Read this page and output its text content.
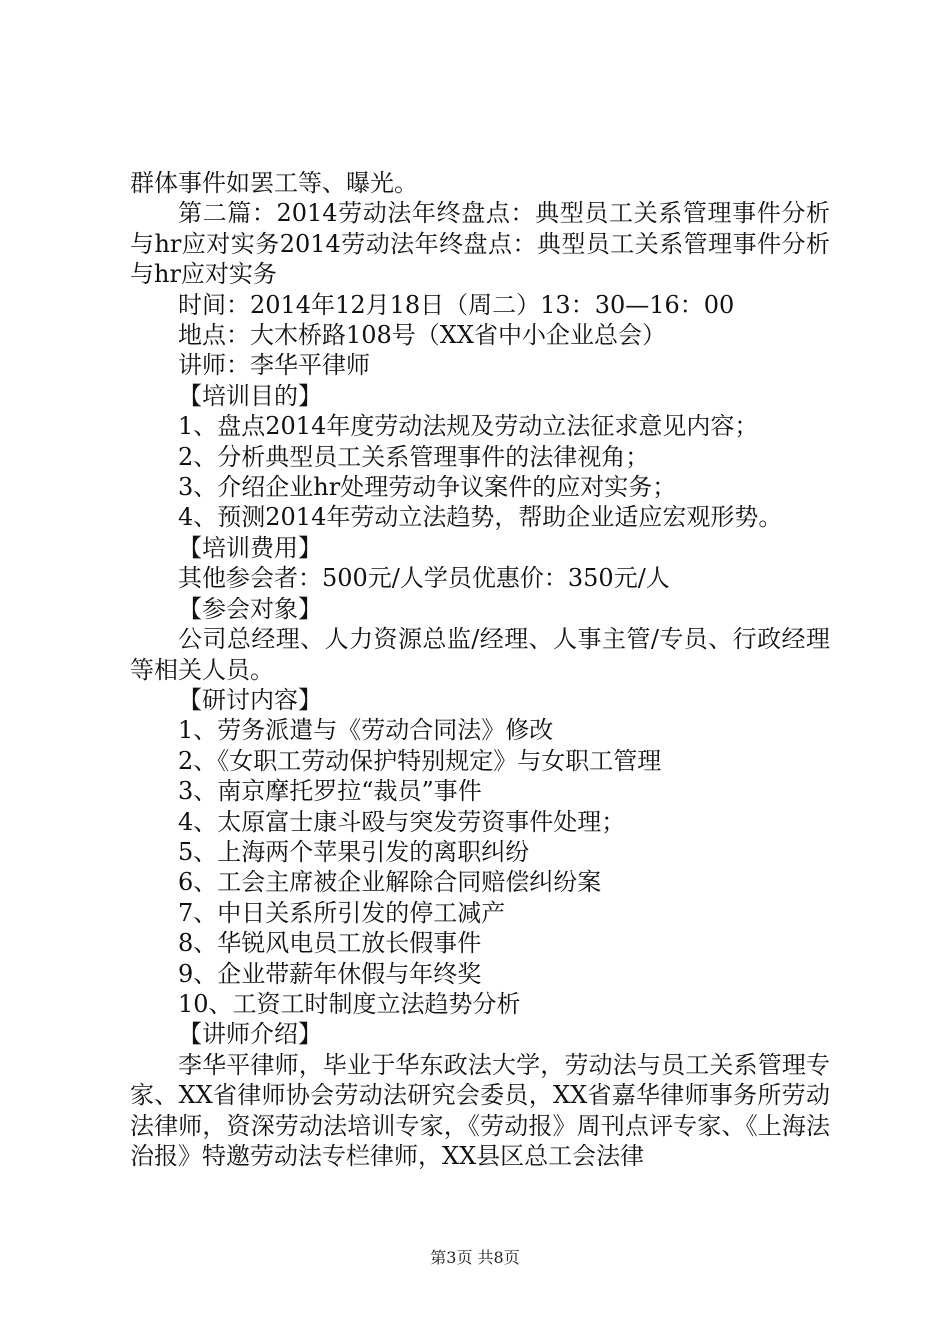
群体事件如罢工等、曝光。

第二篇：2014劳动法年终盘点：典型员工关系管理事件分析与hr应对实务2014劳动法年终盘点：典型员工关系管理事件分析与hr应对实务

时间：2014年12月18日（周二）13：30—16：00

地点：大木桥路108号（XX省中小企业总会）

讲师：李华平律师

【培训目的】

1、盘点2014年度劳动法规及劳动立法征求意见内容；

2、分析典型员工关系管理事件的法律视角；

3、介绍企业hr处理劳动争议案件的应对实务；

4、预测2014年劳动立法趋势，帮助企业适应宏观形势。

【培训费用】

其他参会者：500元/人学员优惠价：350元/人

【参会对象】

公司总经理、人力资源总监/经理、人事主管/专员、行政经理等相关人员。

【研讨内容】

1、劳务派遣与《劳动合同法》修改

2、《女职工劳动保护特别规定》与女职工管理

3、南京摩托罗拉“裁员”事件

4、太原富士康斗殴与突发劳资事件处理；

5、上海两个苹果引发的离职纠纷

6、工会主席被企业解除合同赔偿纠纷案

7、中日关系所引发的停工减产

8、华锐风电员工放长假事件

9、企业带薪年休假与年终奖

10、工资工时制度立法趋势分析

【讲师介绍】

李华平律师，毕业于华东政法大学，劳动法与员工关系管理专家、XX省律师协会劳动法研究会委员，XX省嘉华律师事务所劳动法律师，资深劳动法培训专家，《劳动报》周刊点评专家、《上海法治报》特邀劳动法专栏律师，XX县区总工会法律

第3页 共8页
